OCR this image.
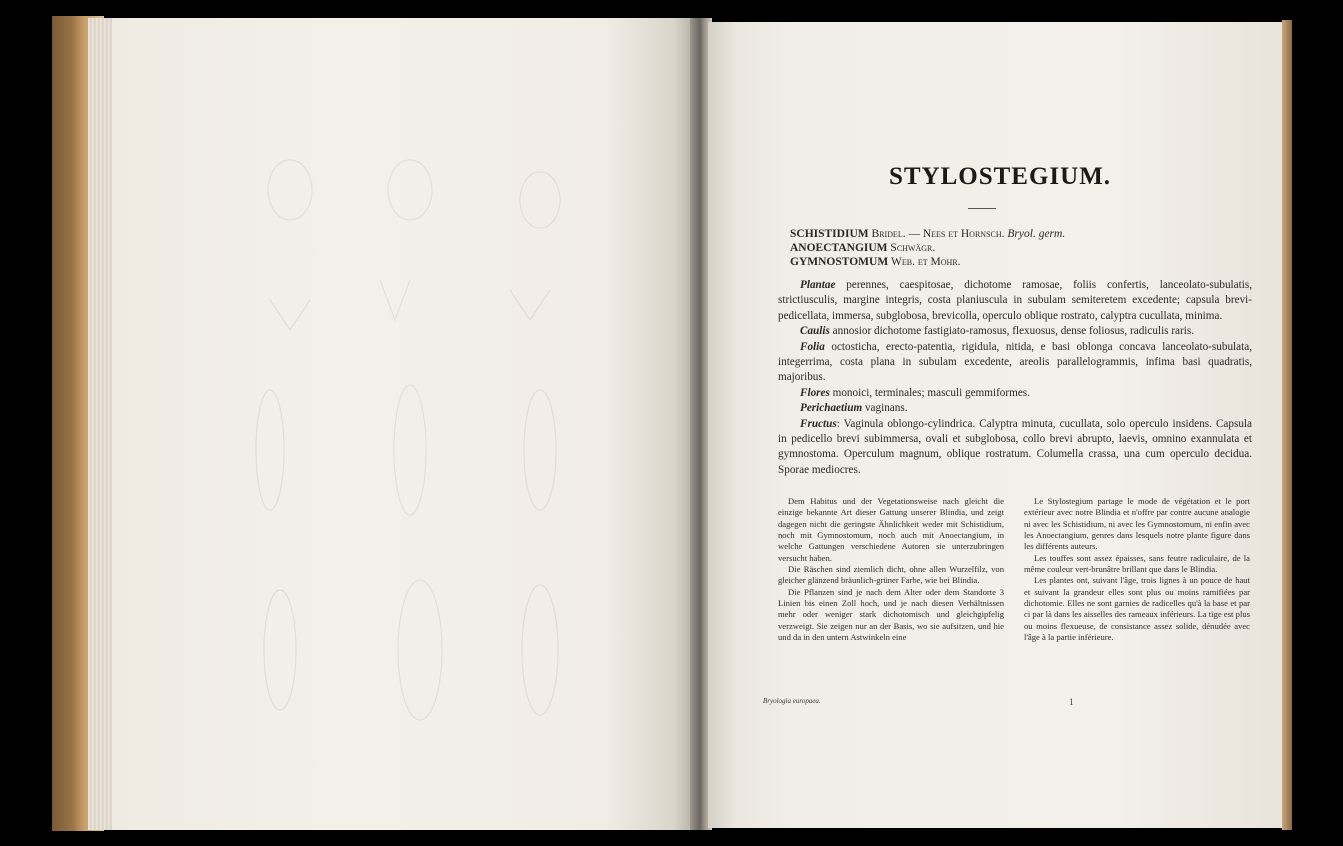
STYLOSTEGIUM.
SCHISTIDIUM Bridel. — Nees et Hornsch. Bryol. germ.
ANOECTANGIUM Schwägr.
GYMNOSTOMUM Web. et Mohr.

Plantae perennes, caespitosae, dichotome ramosae, foliis confertis, lanceolato-subulatis, strictiusculis, margine integris, costa planiuscula in subulam semiteretem excedente; capsula brevi-pedicellata, immersa, subglobosa, brevicolla, operculo oblique rostrato, calyptra cucullata, minima.

Caulis annosior dichotome fastigiato-ramosus, flexuosus, dense foliosus, radiculis raris.

Folia octosticha, erecto-patentia, rigidula, nitida, e basi oblonga concava lanceolato-subulata, integerrima, costa plana in subulam excedente, areolis parallelogrammis, infima basi quadratis, majoribus.

Flores monoici, terminales; masculi gemmiformes.

Perichaetium vaginans.

Fructus: Vaginula oblongo-cylindrica. Calyptra minuta, cucullata, solo operculo insidens. Capsula in pedicello brevi subimmersa, ovali et subglobosa, collo brevi abrupto, laevis, omnino exannulata et gymnostoma. Operculum magnum, oblique rostratum. Columella crassa, una cum operculo decidua. Sporae mediocres.

Dem Habitus und der Vegetationsweise nach gleicht die einzige bekannte Art dieser Gattung unserer Blindia, und zeigt dagegen nicht die geringste Ähnlichkeit weder mit Schistidium, noch mit Gymnostomum, noch auch mit Anoectangium, in welche Gattungen verschiedene Autoren sie unterzubringen versucht haben.

Die Räschen sind ziemlich dicht, ohne allen Wurzelfilz, von gleicher glänzend bräunlich-grüner Farbe, wie bei Blindia.

Die Pflanzen sind je nach dem Alter oder dem Standorte 3 Linien bis einen Zoll hoch, und je nach diesen Verhältnissen mehr oder weniger stark dichotomisch und gleichgipfelig verzweigt. Sie zeigen nur an der Basis, wo sie aufsitzen, und hie und da in den untern Astwinkeln eine

Le Stylostegium partage le mode de végétation et le port extérieur avec notre Blindia et n'offre par contre aucune analogie ni avec les Schistidium, ni avec les Gymnostomum, ni enfin avec les Anoectangium, genres dans lesquels notre plante figure dans les différents auteurs.

Les touffes sont assez épaisses, sans feutre radiculaire, de la même couleur vert-brunâtre brillant que dans le Blindia.

Les plantes ont, suivant l'âge, trois lignes à un pouce de haut et suivant la grandeur elles sont plus ou moins ramifiées par dichotomie. Elles ne sont garnies de radicelles qu'à la base et par ci par là dans les aisselles des rameaux inférieurs. La tige est plus ou moins flexueuse, de consistance assez solide, dénudée avec l'âge à la partie inférieure.

Bryologia europaea.	1
